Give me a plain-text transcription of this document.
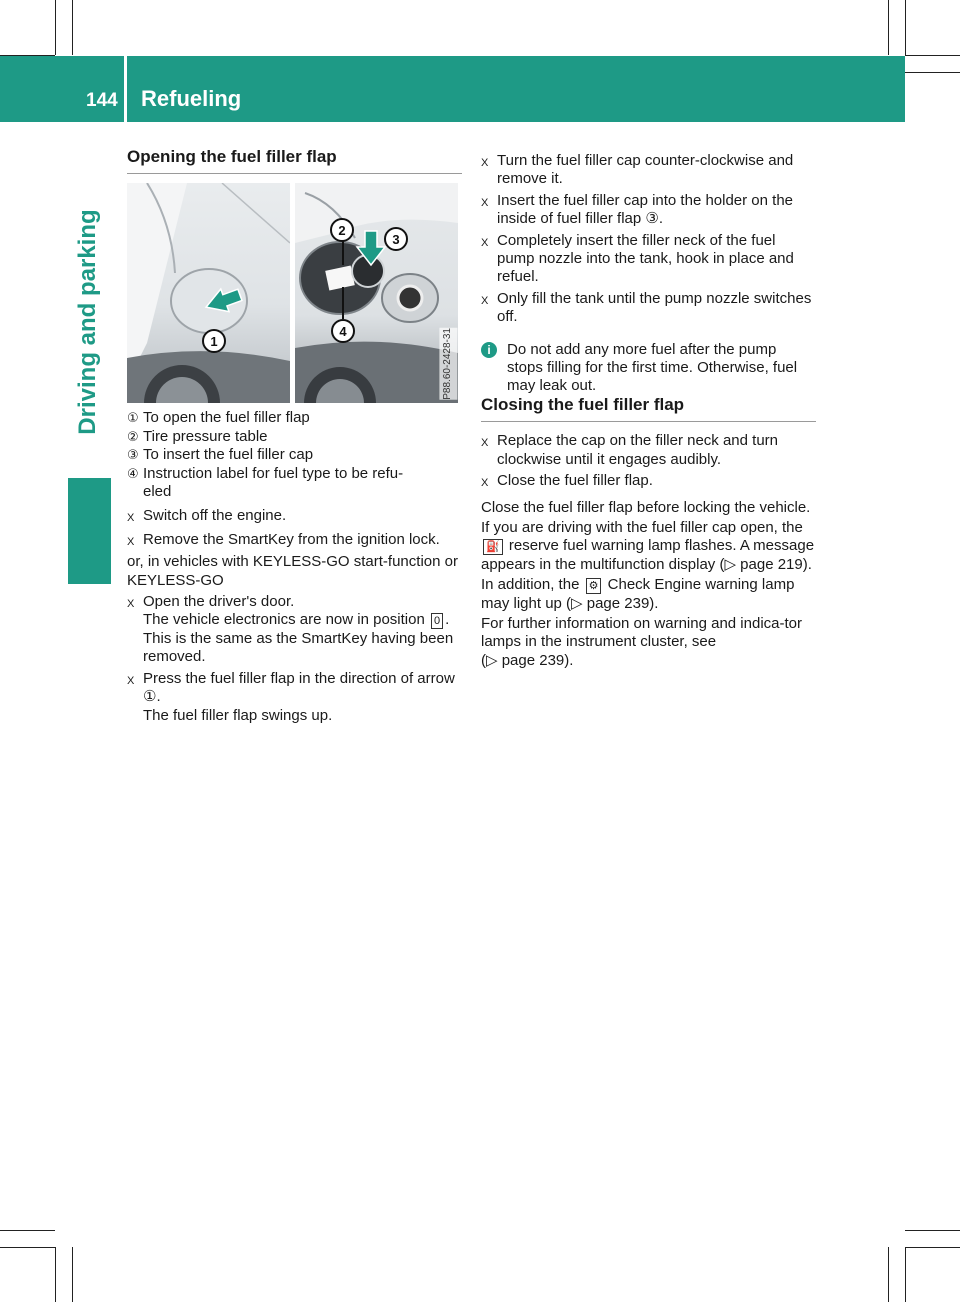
144 Refueling
Driving and parking
Opening the fuel filler flap
1
2
3
4	P88.60-2428-31
① To open the fuel filler flap
② Tire pressure table
③ To insert the fuel filler cap
④ Instruction label for fuel type to be refu-
eled
X Switch off the engine.
X Remove the SmartKey from the ignition lock.
or, in vehicles with KEYLESS-GO start-function or KEYLESS-GO
X Open the driver's door.
The vehicle electronics are now in position 0 . This is the same as the SmartKey having been removed.
X Press the fuel filler flap in the direction of arrow ①.
The fuel filler flap swings up.
X Turn the fuel filler cap counter-clockwise and remove it.
X Insert the fuel filler cap into the holder on the inside of fuel filler flap ③.
X Completely insert the filler neck of the fuel pump nozzle into the tank, hook in place and refuel.
X Only fill the tank until the pump nozzle switches off.
i	Do not add any more fuel after the pump stops filling for the first time. Otherwise, fuel may leak out.
Closing the fuel filler flap
X Replace the cap on the filler neck and turn clockwise until it engages audibly.
X Close the fuel filler flap.
Close the fuel filler flap before locking the vehicle.
If you are driving with the fuel filler cap open, the ⛽ reserve fuel warning lamp flashes. A message appears in the multifunction display (▷ page 219).
In addition, the ⚙ Check Engine warning lamp may light up (▷ page 239).
For further information on warning and indica-tor lamps in the instrument cluster, see
(▷ page 239).
